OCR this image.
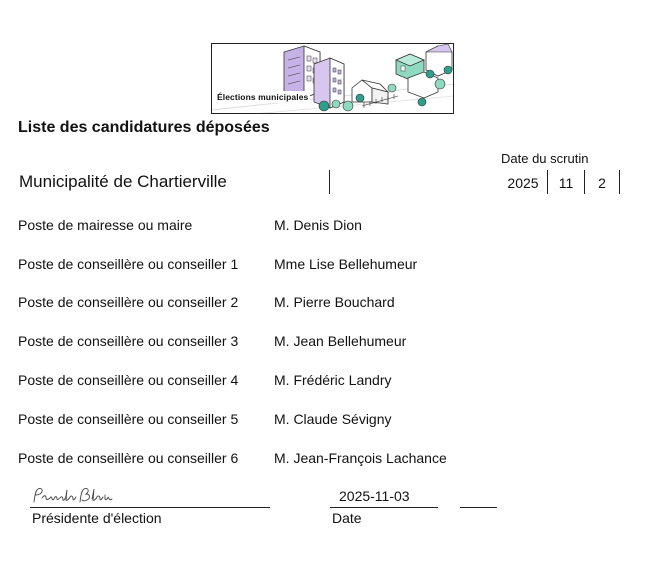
Élections municipales
Liste des candidatures déposées
Date du scrutin
Municipalité de Chartierville	2025	11	2
Poste de mairesse ou maire	M. Denis Dion
Poste de conseillère ou conseiller 1	Mme Lise Bellehumeur
Poste de conseillère ou conseiller 2	M. Pierre Bouchard
Poste de conseillère ou conseiller 3	M. Jean Bellehumeur
Poste de conseillère ou conseiller 4	M. Frédéric Landry
Poste de conseillère ou conseiller 5	M. Claude Sévigny
Poste de conseillère ou conseiller 6	M. Jean-François Lachance
Présidente d'élection
2025-11-03
Date
